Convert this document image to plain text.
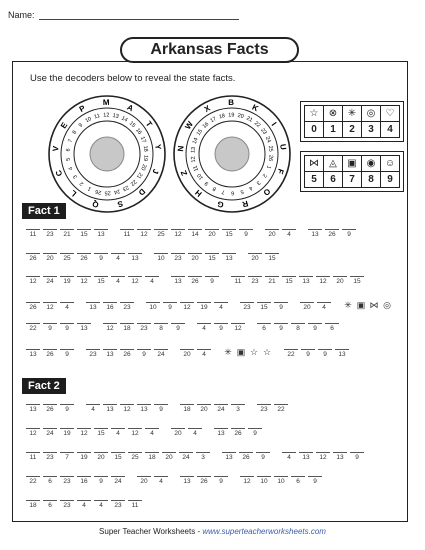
Name:
Arkansas Facts
Use the decoders below to reveal the state facts.
P
M
A
T
Y
J
D
S
Q
L
C
V
E
10 11 12 13 14
15
16
17
18
19
20
21
22
23
24
25
26
1
2
3
4
5
6
7
8
9
X
B
K
I
U
F
O
R
G
H
Z
N
W	17 18 19 20 21
22
23
24
25
26
1
2
3
4
5
6
7
8
9
10
11
12
13
14
15
16
☆	⊗	✳	◎	♡
0	1	2	3	4
⋈	◬	▣	◉	☺
5	6	7	8	9
Fact 1
11 23 21 15 13	11 12 25 12 14 20 15 9	20 4	13 26 9
26 20 25 26 9 4 13	10 23 20 15 13	20 15
12 24 19 12 15 4 12 4	13 26 9	11 23 21 15 13 12 20 15
26 12 4	13 16 23	10 9 12 19 4	23 15 9	20 4 ✳ ▣ ⋈ ◎
22 9 9 13	12 18 23 8 9	4 9 12	6 9 8 9 6
13 26 9	23 13 26 9 24	20 4 ✳ ▣ ☆ ☆	22 9 9 13
Fact 2
13 26 9	4 13 12 13 9	18 20 24 3	23 22
12 24 19 12 15 4 12 4	20 4	13 26 9
11 23 7 19 20 15 25 18 20 24 3	13 26 9	4 13 12 13 9
22 6 23 16 9 24	20 4	13 26 9	12 10 10 6 9
18 6 23 4 4 23 11
Super Teacher Worksheets - www.superteacherworksheets.com
